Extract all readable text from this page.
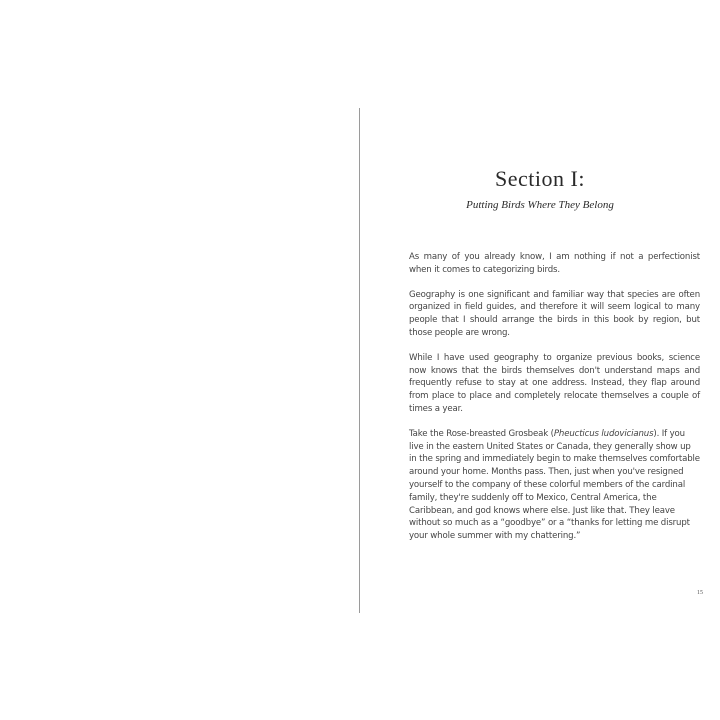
Section I:

Putting Birds Where They Belong

As many of you already know, I am nothing if not a perfectionist when it comes to categorizing birds.

Geography is one significant and familiar way that species are often organized in field guides, and therefore it will seem logical to many people that I should arrange the birds in this book by region, but those people are wrong.

While I have used geography to organize previous books, science now knows that the birds themselves don't understand maps and frequently refuse to stay at one address. Instead, they flap around from place to place and completely relocate themselves a couple of times a year.

Take the Rose-breasted Grosbeak (Pheucticus ludovicianus). If you live in the eastern United States or Canada, they generally show up in the spring and immediately begin to make themselves comfortable around your home. Months pass. Then, just when you've resigned yourself to the company of these colorful members of the cardinal family, they're suddenly off to Mexico, Central America, the Caribbean, and god knows where else. Just like that. They leave without so much as a “goodbye” or a “thanks for letting me disrupt your whole summer with my chattering.”

15
